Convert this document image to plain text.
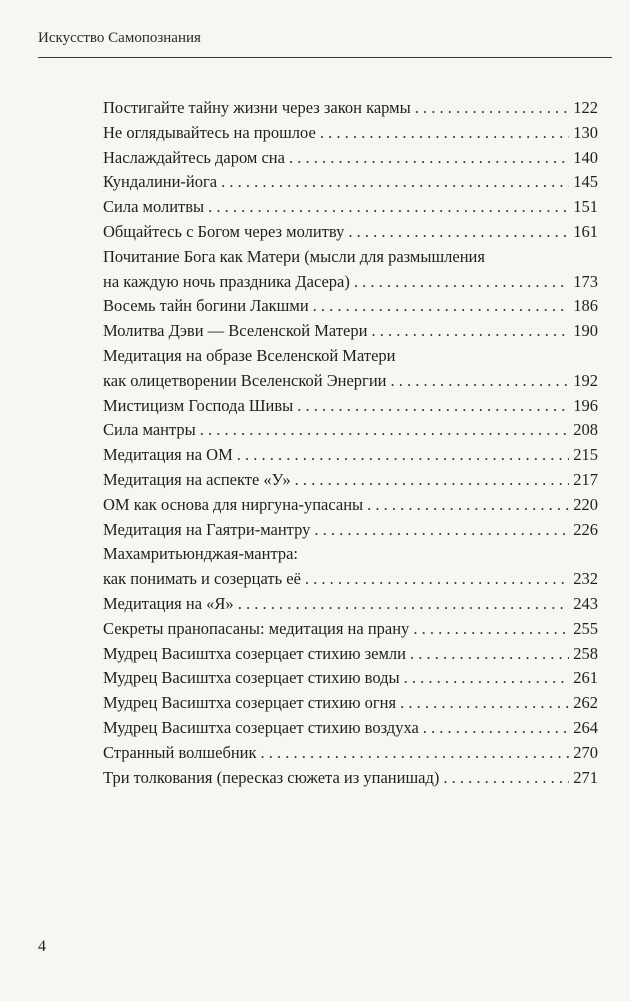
Искусство Самопознания
Постигайте тайну жизни через закон кармы . . .	122
Не оглядывайтесь на прошлое . . .	130
Наслаждайтесь даром сна . . .	140
Кундалини-йога . . .	145
Сила молитвы . . .	151
Общайтесь с Богом через молитву . . .	161
Почитание Бога как Матери (мысли для размышления
на каждую ночь праздника Дасера) . . .	173
Восемь тайн богини Лакшми . . .	186
Молитва Дэви — Вселенской Матери . . .	190
Медитация на образе Вселенской Матери
как олицетворении Вселенской Энергии . . .	192
Мистицизм Господа Шивы . . .	196
Сила мантры . . .	208
Медитация на ОМ . . .	215
Медитация на аспекте «У» . . .	217
ОМ как основа для ниргуна-упасаны . . .	220
Медитация на Гаятри-мантру . . .	226
Махамритьюнджая-мантра:
как понимать и созерцать её . . .	232
Медитация на «Я» . . .	243
Секреты пранопасаны: медитация на прану . . .	255
Мудрец Васиштха созерцает стихию земли . . .	258
Мудрец Васиштха созерцает стихию воды . . .	261
Мудрец Васиштха созерцает стихию огня . . .	262
Мудрец Васиштха созерцает стихию воздуха . . .	264
Странный волшебник . . .	270
Три толкования (пересказ сюжета из упанишад) . . .	271
4
